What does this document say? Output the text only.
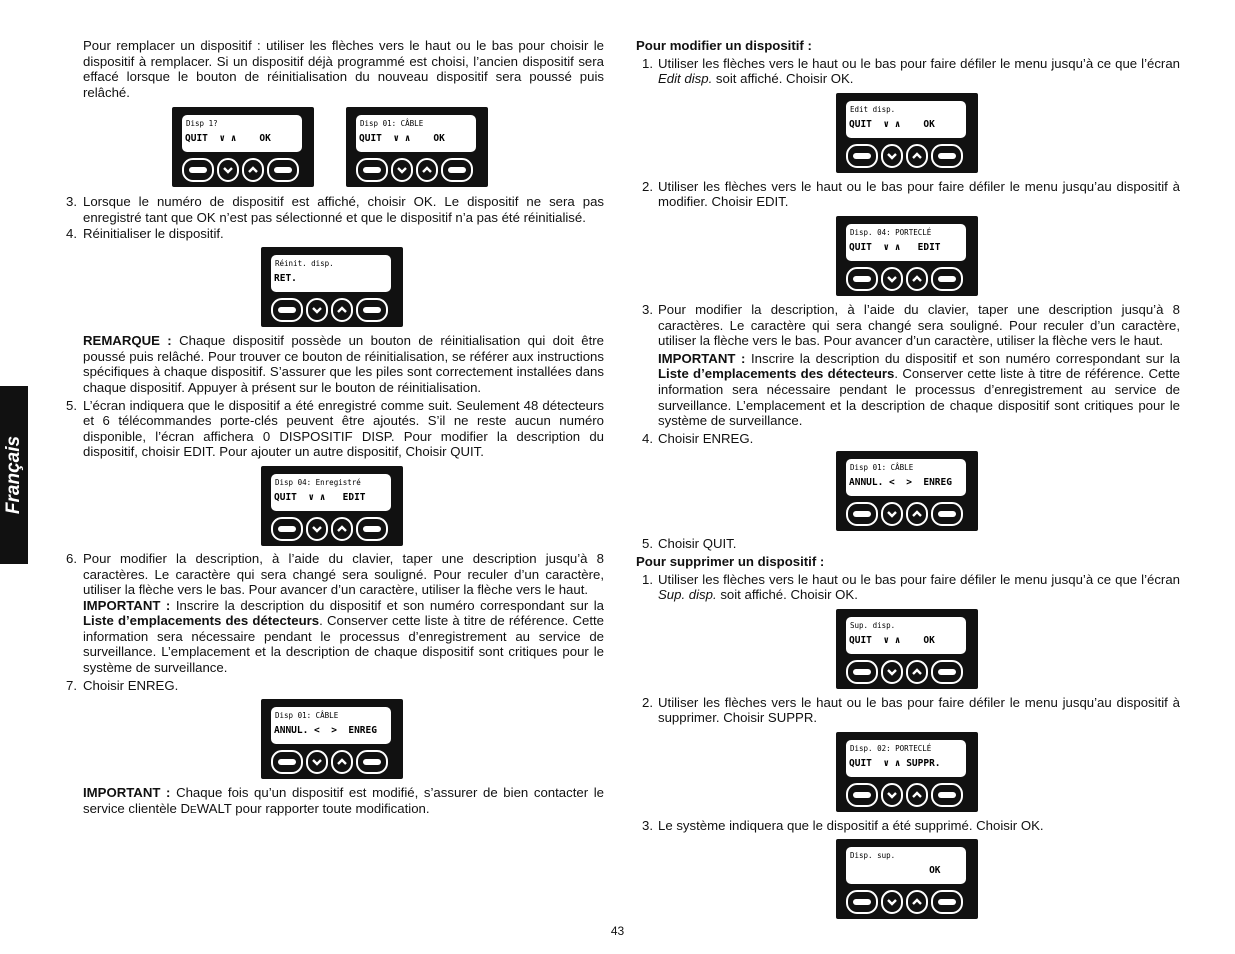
Français

Pour remplacer un dispositif : utiliser les flèches vers le haut ou le bas pour choisir le dispositif à remplacer. Si un dispositif déjà programmé est choisi, l’ancien dispositif sera effacé lorsque le bouton de réinitialisation du nouveau dispositif sera poussé puis relâché.

Disp 1?
QUIT  ∨ ∧    OK
Disp 01: CÂBLE
QUIT  ∨ ∧    OK
3. Lorsque le numéro de dispositif est affiché, choisir OK. Le dispositif ne sera pas enregistré tant que OK n’est pas sélectionné et que le dispositif n’a pas été réinitialisé.
4. Réinitialiser le dispositif.
Réinit. disp.
RET.

REMARQUE : Chaque dispositif possède un bouton de réinitialisation qui doit être poussé puis relâché. Pour trouver ce bouton de réinitialisation, se référer aux instructions spécifiques à chaque dispositif. S’assurer que les piles sont correctement installées dans chaque dispositif. Appuyer à présent sur le bouton de réinitialisation.

5. L’écran indiquera que le dispositif a été enregistré comme suit. Seulement 48 détecteurs et 6 télécommandes porte-clés peuvent être ajoutés. S’il ne reste aucun numéro disponible, l’écran affichera 0 DISPOSITIF DISP. Pour modifier la description du dispositif, choisir EDIT. Pour ajouter un autre dispositif, Choisir QUIT.
Disp 04: Enregistré
QUIT  ∨ ∧   EDIT
6. Pour modifier la description, à l’aide du clavier, taper une description jusqu’à 8 caractères. Le caractère qui sera changé sera souligné. Pour reculer d’un caractère, utiliser la flèche vers le bas. Pour avancer d’un caractère, utiliser la flèche vers le haut.

IMPORTANT : Inscrire la description du dispositif et son numéro correspondant sur la Liste d’emplacements des détecteurs. Conserver cette liste à titre de référence. Cette information sera nécessaire pendant le processus d’enregistrement au service de surveillance. L’emplacement et la description de chaque dispositif sont critiques pour le système de surveillance.

7. Choisir ENREG.
Disp 01: CÂBLE
ANNUL. <  >  ENREG

IMPORTANT : Chaque fois qu’un dispositif est modifié, s’assurer de bien contacter le service clientèle DEWALT pour rapporter toute modification.

Pour modifier un dispositif :

1. Utiliser les flèches vers le haut ou le bas pour faire défiler le menu jusqu’à ce que l’écran Edit disp. soit affiché. Choisir OK.
Edit disp.
QUIT  ∨ ∧    OK
2. Utiliser les flèches vers le haut ou le bas pour faire défiler le menu jusqu’au dispositif à modifier. Choisir EDIT.
Disp. 04: PORTECLÉ
QUIT  ∨ ∧   EDIT
3. Pour modifier la description, à l’aide du clavier, taper une description jusqu’à 8 caractères. Le caractère qui sera changé sera souligné. Pour reculer d’un caractère, utiliser la flèche vers le bas. Pour avancer d’un caractère, utiliser la flèche vers le haut.

IMPORTANT : Inscrire la description du dispositif et son numéro correspondant sur la Liste d’emplacements des détecteurs. Conserver cette liste à titre de référence. Cette information sera nécessaire pendant le processus d’enregistrement au service de surveillance. L’emplacement et la description de chaque dispositif sont critiques pour le système de surveillance.

4. Choisir ENREG.
Disp 01: CÂBLE
ANNUL. <  >  ENREG
5. Choisir QUIT.

Pour supprimer un dispositif :

1. Utiliser les flèches vers le haut ou le bas pour faire défiler le menu jusqu’à ce que l’écran Sup. disp. soit affiché. Choisir OK.
Sup. disp.
QUIT  ∨ ∧    OK
2. Utiliser les flèches vers le haut ou le bas pour faire défiler le menu jusqu’au dispositif à supprimer. Choisir SUPPR.
Disp. 02: PORTECLÉ
QUIT  ∨ ∧ SUPPR.
3. Le système indiquera que le dispositif a été supprimé. Choisir OK.
Disp. sup.
OK
43
